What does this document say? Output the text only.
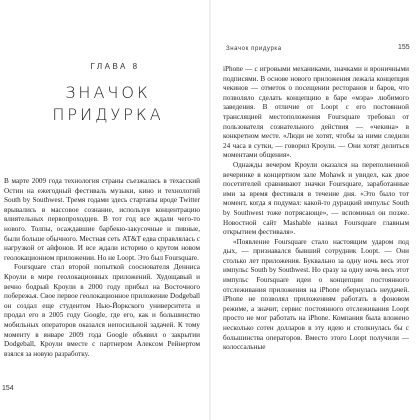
ГЛАВА 8
ЗНАЧОК
ПРИДУРКА

В марте 2009 года технология страны съезжалась в техасский Остин на ежегодный фестиваль музыки, кино и технологий South by Southwest. Тремя годами здесь стартапы вроде Twitter врывались в массовое сознание, используя концентрацию влиятельных первопроходцев. В тот год все ждали чего-то нового. Толпы, осаждавшие барбекю-закусочные и пивные, были больше обычного. Местная сеть AT&T едва справлялась с нагрузкой от айфонов. И все ждали историю о крутом новом геолокационном приложении. Но не Loopt. Это был Foursquare.

Foursquare стал второй попыткой сооснователя Денниса Кроули в мире геолокационных приложений. Худощавый и вечно бодрый Кроули в 2000 году прибыл на Восточного побережья. Свое первое геолокационное приложение Dodgeball он создал еще студентом Нью-Йоркского университета и продал его в 2005 году Google, где его, как и большинство мобильных операторов оказался непосильной задачей. К тому моменту в январе 2009 года Google объявил о закрытии Dodgeball, Кроули вместе с партнером Алексом Рейнертом взялся за новую разработку.

154
Значок придурка	155

iPhone — с игровыми механиками, значками и вроничными подписями. В основе нового приложения лежала концепция чекинов — отметок о посещении ресторанов и баров, что позволяло сделать концепцию в баре «мэра» любимого заведения. В отличие от Loopt с его постоянной трансляцией местоположения Foursquare требовал от пользователя сознательного действия — «чекина» в конкретном месте. «Люди не хотят, чтобы за ними следили 24 часа в сутки, — говорил Кроули. — Они хотят делиться моментами общения».

Однажды вечером Кроули оказался на переполненной вечеринке в концертном зале Mohawk и увидел, как двое посетителей сравнивают значки Foursquare, заработанные ими за время фестиваля в течение дня. «Это было тот момент, когда я подумал: какой-то дурацкий импульс South by Southwest тоже потрясающе», — вспоминал он позже. Новостной сайт Mashable назвал Foursquare главным открытием фестиваля».

«Появление Foursquare стало настоящим ударом под дых, — признавался бывший сотрудник Loopt. — Они столько лет приложения. Буквально за одну ночь весь этот импульс South by Southwest. Но сразу за одну ночь весь этот импульс Foursquare идеи о концепции постоянного отслеживания приложения на iPhone обернулась неудачей. iPhone не позволял приложениям работать в фоновом режиме, а значит, сервис постоянного отслеживания Loopt просто не мог работать на iPhone. Компания была вложено несколько сотен долларов в эту идею и столкнулась бы с большинства операторов. Вместо этого Loopt получили — колоссальные
